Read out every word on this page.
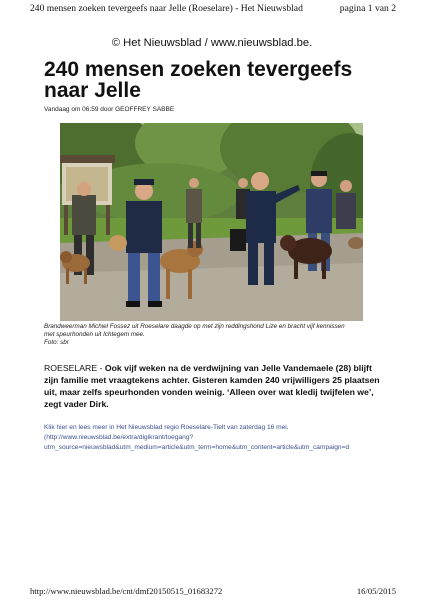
240 mensen zoeken tevergeefs naar Jelle (Roeselare) - Het Nieuwsblad	pagina 1 van 2
© Het Nieuwsblad / www.nieuwsblad.be.
240 mensen zoeken tevergeefs naar Jelle
Vandaag om 06:59 door GEOFFREY SABBE
Brandweerman Michiel Fossez uit Roeselare daagde op met zijn reddingshond Lize en bracht vijf kennissen
met speurhonden uit Ichtegem mee.
Foto: sbr
ROESELARE - Ook vijf weken na de verdwijning van Jelle Vandemaele (28) blijft zijn familie met vraagtekens achter. Gisteren kamden 240 vrijwilligers 25 plaatsen uit, maar zelfs speurhonden vonden weinig. ‘Alleen over wat kledij twijfelen we’, zegt vader Dirk.
Klik hier en lees meer in Het Nieuwsblad regio Roeselare-Tielt van zaterdag 16 mei.
(http://www.nieuwsblad.be/extra/digikrant/toegang?
utm_source=nieuwsblad&utm_medium=article&utm_term=home&utm_content=article&utm_campaign=d
http://www.nieuwsblad.be/cnt/dmf20150515_01683272	16/05/2015
